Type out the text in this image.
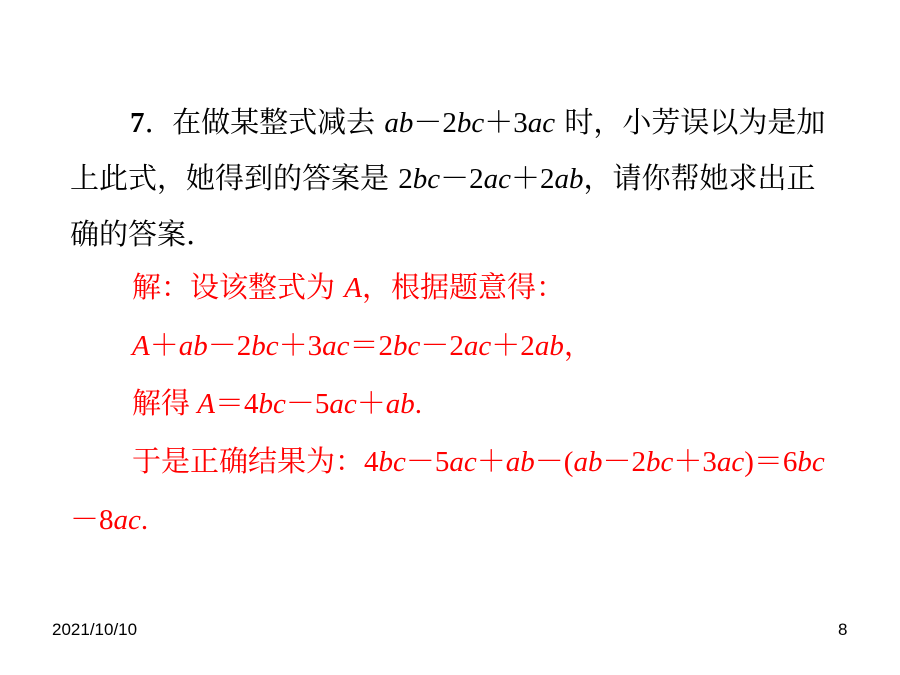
7. 在做某整式减去 ab－2bc＋3ac 时，小芳误以为是加
上此式，她得到的答案是 2bc－2ac＋2ab，请你帮她求出正
确的答案.
解：设该整式为 A，根据题意得：
A＋ab－2bc＋3ac＝2bc－2ac＋2ab，
解得 A＝4bc－5ac＋ab.
于是正确结果为：4bc－5ac＋ab－(ab－2bc＋3ac)＝6bc
－8ac.
2021/10/10	8
